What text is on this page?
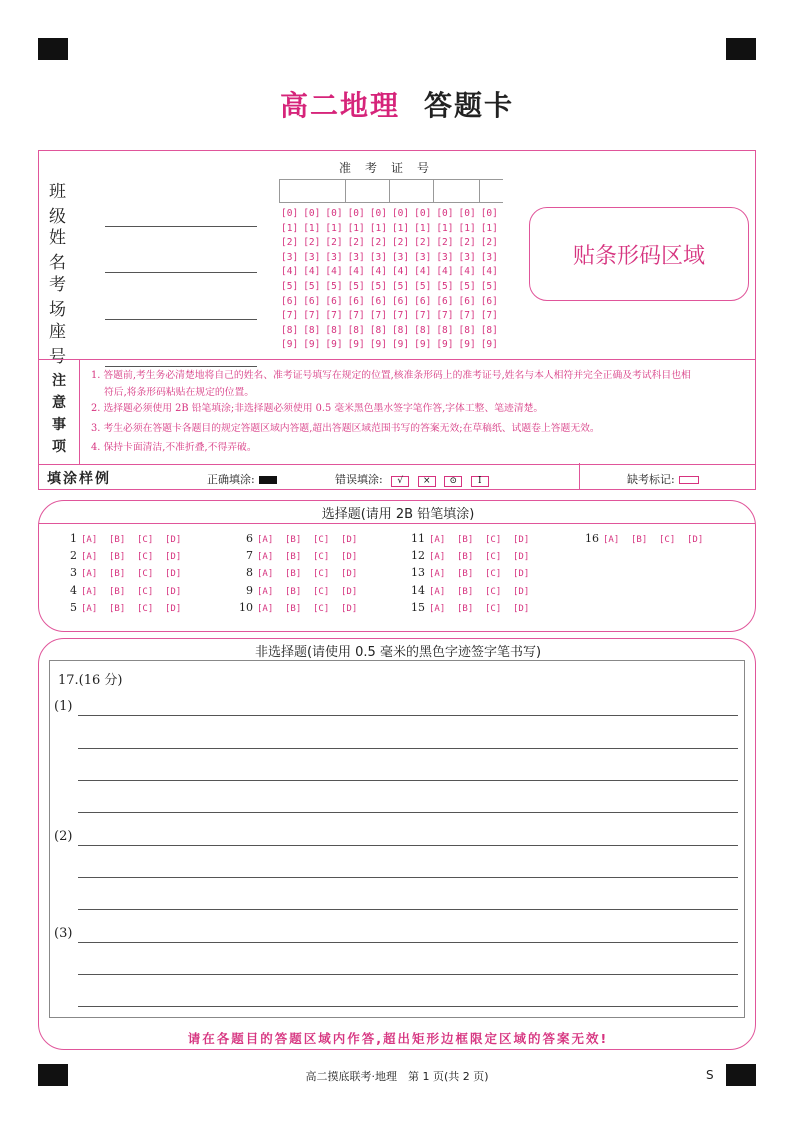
高二地理 答题卡
班级
姓名
考场
座号
准考证号
[0] [0] [0] [0] [0] [0] [0] [0] [0] [0]
[1] [1] [1] [1] [1] [1] [1] [1] [1] [1]
[2] [2] [2] [2] [2] [2] [2] [2] [2] [2]
[3] [3] [3] [3] [3] [3] [3] [3] [3] [3]
[4] [4] [4] [4] [4] [4] [4] [4] [4] [4]
[5] [5] [5] [5] [5] [5] [5] [5] [5] [5]
[6] [6] [6] [6] [6] [6] [6] [6] [6] [6]
[7] [7] [7] [7] [7] [7] [7] [7] [7] [7]
[8] [8] [8] [8] [8] [8] [8] [8] [8] [8]
[9] [9] [9] [9] [9] [9] [9] [9] [9] [9]
贴条形码区域
注
意
事
项
1. 答题前,考生务必清楚地将自己的姓名、准考证号填写在规定的位置,核准条形码上的准考证号,姓名与本人相符并完全正确及考试科目也相
符后,将条形码粘贴在规定的位置。
2. 选择题必须使用 2B 铅笔填涂;非选择题必须使用 0.5 毫米黑色墨水签字笔作答,字体工整、笔迹清楚。
3. 考生必须在答题卡各题目的规定答题区域内答题,超出答题区域范围书写的答案无效;在草稿纸、试题卷上答题无效。
4. 保持卡面清洁,不准折叠,不得弄破。
填涂样例	正确填涂:	错误填涂: √ × ⊙ Ⅰ	缺考标记:
选择题(请用 2B 铅笔填涂)
1 [A] [B] [C] [D]
2 [A] [B] [C] [D]
3 [A] [B] [C] [D]
4 [A] [B] [C] [D]
5 [A] [B] [C] [D]
6 [A] [B] [C] [D]
7 [A] [B] [C] [D]
8 [A] [B] [C] [D]
9 [A] [B] [C] [D]
10 [A] [B] [C] [D]
11 [A] [B] [C] [D]
12 [A] [B] [C] [D]
13 [A] [B] [C] [D]
14 [A] [B] [C] [D]
15 [A] [B] [C] [D]
16 [A] [B] [C] [D]
非选择题(请使用 0.5 毫米的黑色字迹签字笔书写)
17.(16 分)
(1)
(2)
(3)
请在各题目的答题区域内作答,超出矩形边框限定区域的答案无效!
高二摸底联考·地理　第 1 页(共 2 页)	S
